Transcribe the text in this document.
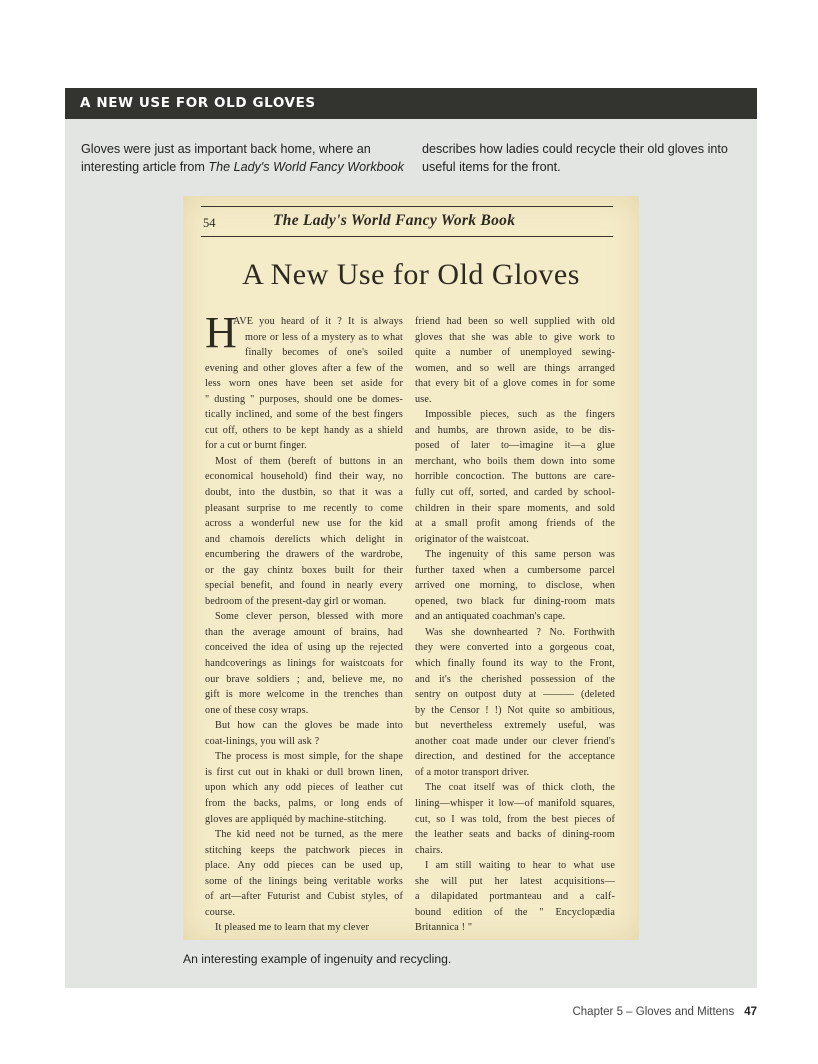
A NEW USE FOR OLD GLOVES
Gloves were just as important back home, where an
interesting article from The Lady's World Fancy Workbook
describes how ladies could recycle their old gloves into
useful items for the front.
54	The Lady's World Fancy Work Book
A New Use for Old Gloves
H
AVE you heard of it ? It is always
more or less of a mystery as to what
finally becomes of one's soiled
evening and other gloves after a few of the
less worn ones have been set aside for
" dusting " purposes, should one be domes-
tically inclined, and some of the best fingers
cut off, others to be kept handy as a shield
for a cut or burnt finger.
Most of them (bereft of buttons in an
economical household) find their way, no
doubt, into the dustbin, so that it was a
pleasant surprise to me recently to come
across a wonderful new use for the kid
and chamois derelicts which delight in
encumbering the drawers of the wardrobe,
or the gay chintz boxes built for their
special benefit, and found in nearly every
bedroom of the present-day girl or woman.
Some clever person, blessed with more
than the average amount of brains, had
conceived the idea of using up the rejected
handcoverings as linings for waistcoats for
our brave soldiers ; and, believe me, no
gift is more welcome in the trenches than
one of these cosy wraps.
But how can the gloves be made into
coat-linings, you will ask ?
The process is most simple, for the shape
is first cut out in khaki or dull brown linen,
upon which any odd pieces of leather cut
from the backs, palms, or long ends of
gloves are appliquéd by machine-stitching.
The kid need not be turned, as the mere
stitching keeps the patchwork pieces in
place. Any odd pieces can be used up,
some of the linings being veritable works
of art—after Futurist and Cubist styles, of
course.
It pleased me to learn that my clever
friend had been so well supplied with old
gloves that she was able to give work to
quite a number of unemployed sewing-
women, and so well are things arranged
that every bit of a glove comes in for some
use.
Impossible pieces, such as the fingers
and humbs, are thrown aside, to be dis-
posed of later to—imagine it—a glue
merchant, who boils them down into some
horrible concoction. The buttons are care-
fully cut off, sorted, and carded by school-
children in their spare moments, and sold
at a small profit among friends of the
originator of the waistcoat.
The ingenuity of this same person was
further taxed when a cumbersome parcel
arrived one morning, to disclose, when
opened, two black fur dining-room mats
and an antiquated coachman's cape.
Was she downhearted ? No. Forthwith
they were converted into a gorgeous coat,
which finally found its way to the Front,
and it's the cherished possession of the
sentry on outpost duty at ——— (deleted
by the Censor ! !) Not quite so ambitious,
but nevertheless extremely useful, was
another coat made under our clever friend's
direction, and destined for the acceptance
of a motor transport driver.
The coat itself was of thick cloth, the
lining—whisper it low—of manifold squares,
cut, so I was told, from the best pieces of
the leather seats and backs of dining-room
chairs.
I am still waiting to hear to what use
she will put her latest acquisitions—
a dilapidated portmanteau and a calf-
bound edition of the " Encyclopædia
Britannica ! "
An interesting example of ingenuity and recycling.
Chapter 5 – Gloves and Mittens 47
